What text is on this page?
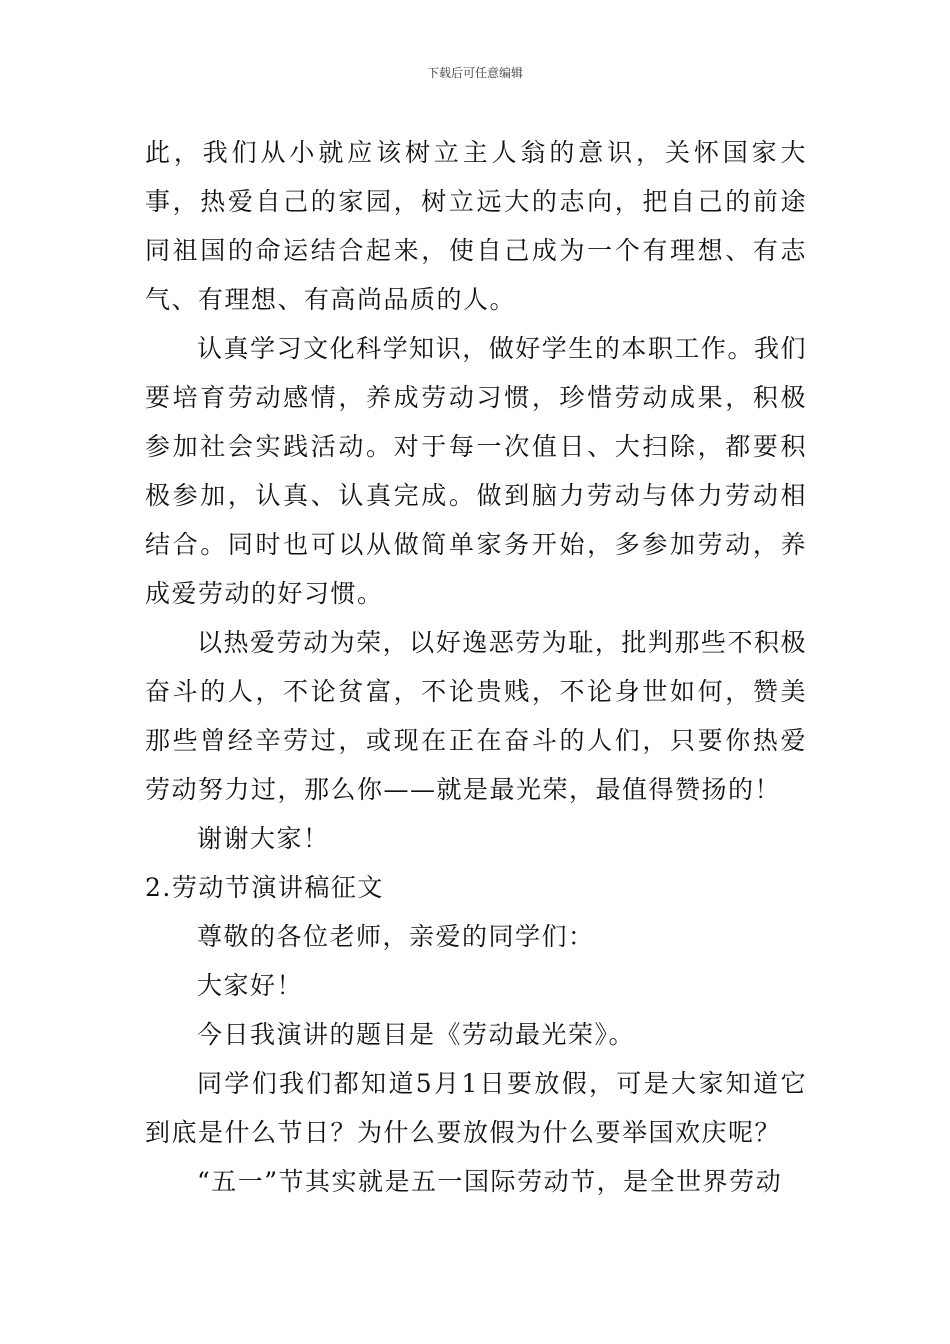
下载后可任意编辑

此，我们从小就应该树立主人翁的意识，关怀国家大事，热爱自己的家园，树立远大的志向，把自己的前途同祖国的命运结合起来，使自己成为一个有理想、有志气、有理想、有高尚品质的人。

认真学习文化科学知识，做好学生的本职工作。我们要培育劳动感情，养成劳动习惯，珍惜劳动成果，积极参加社会实践活动。对于每一次值日、大扫除，都要积极参加，认真、认真完成。做到脑力劳动与体力劳动相结合。同时也可以从做简单家务开始，多参加劳动，养成爱劳动的好习惯。

以热爱劳动为荣，以好逸恶劳为耻，批判那些不积极奋斗的人，不论贫富，不论贵贱，不论身世如何，赞美那些曾经辛劳过，或现在正在奋斗的人们，只要你热爱劳动努力过，那么你——就是最光荣，最值得赞扬的！

谢谢大家！

2.劳动节演讲稿征文

尊敬的各位老师，亲爱的同学们：

大家好！

今日我演讲的题目是《劳动最光荣》。

同学们我们都知道5月1日要放假，可是大家知道它到底是什么节日？为什么要放假为什么要举国欢庆呢？

“五一”节其实就是五一国际劳动节，是全世界劳动
